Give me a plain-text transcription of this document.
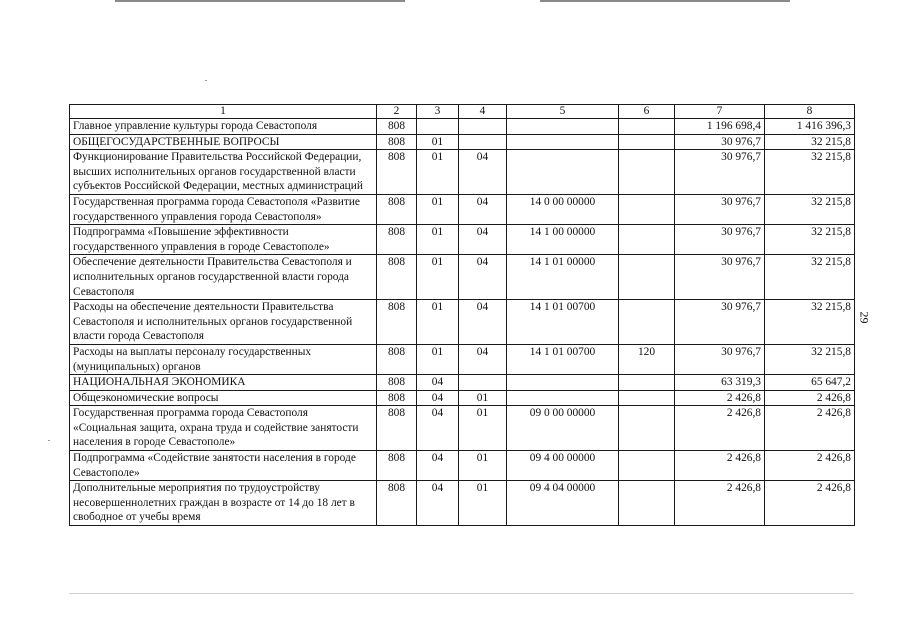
29
1	2	3	4	5	6	7	8
Главное управление культуры города Севастополя	808					1 196 698,4	1 416 396,3
ОБЩЕГОСУДАРСТВЕННЫЕ ВОПРОСЫ	808	01				30 976,7	32 215,8
Функционирование Правительства Российской Федерации, высших исполнительных органов государственной власти субъектов Российской Федерации, местных администраций	808	01	04			30 976,7	32 215,8
Государственная программа города Севастополя «Развитие государственного управления города Севастополя»	808	01	04	14 0 00 00000		30 976,7	32 215,8
Подпрограмма «Повышение эффективности государственного управления в городе Севастополе»	808	01	04	14 1 00 00000		30 976,7	32 215,8
Обеспечение деятельности Правительства Севастополя и исполнительных органов государственной власти города Севастополя	808	01	04	14 1 01 00000		30 976,7	32 215,8
Расходы на обеспечение деятельности Правительства Севастополя и исполнительных органов государственной власти города Севастополя	808	01	04	14 1 01 00700		30 976,7	32 215,8
Расходы на выплаты персоналу государственных (муниципальных) органов	808	01	04	14 1 01 00700	120	30 976,7	32 215,8
НАЦИОНАЛЬНАЯ ЭКОНОМИКА	808	04				63 319,3	65 647,2
Общеэкономические вопросы	808	04	01			2 426,8	2 426,8
Государственная программа города Севастополя «Социальная защита, охрана труда и содействие занятости населения в городе Севастополе»	808	04	01	09 0 00 00000		2 426,8	2 426,8
Подпрограмма «Содействие занятости населения в городе Севастополе»	808	04	01	09 4 00 00000		2 426,8	2 426,8
Дополнительные мероприятия по трудоустройству несовершеннолетних граждан в возрасте от 14 до 18 лет в свободное от учебы время	808	04	01	09 4 04 00000		2 426,8	2 426,8
